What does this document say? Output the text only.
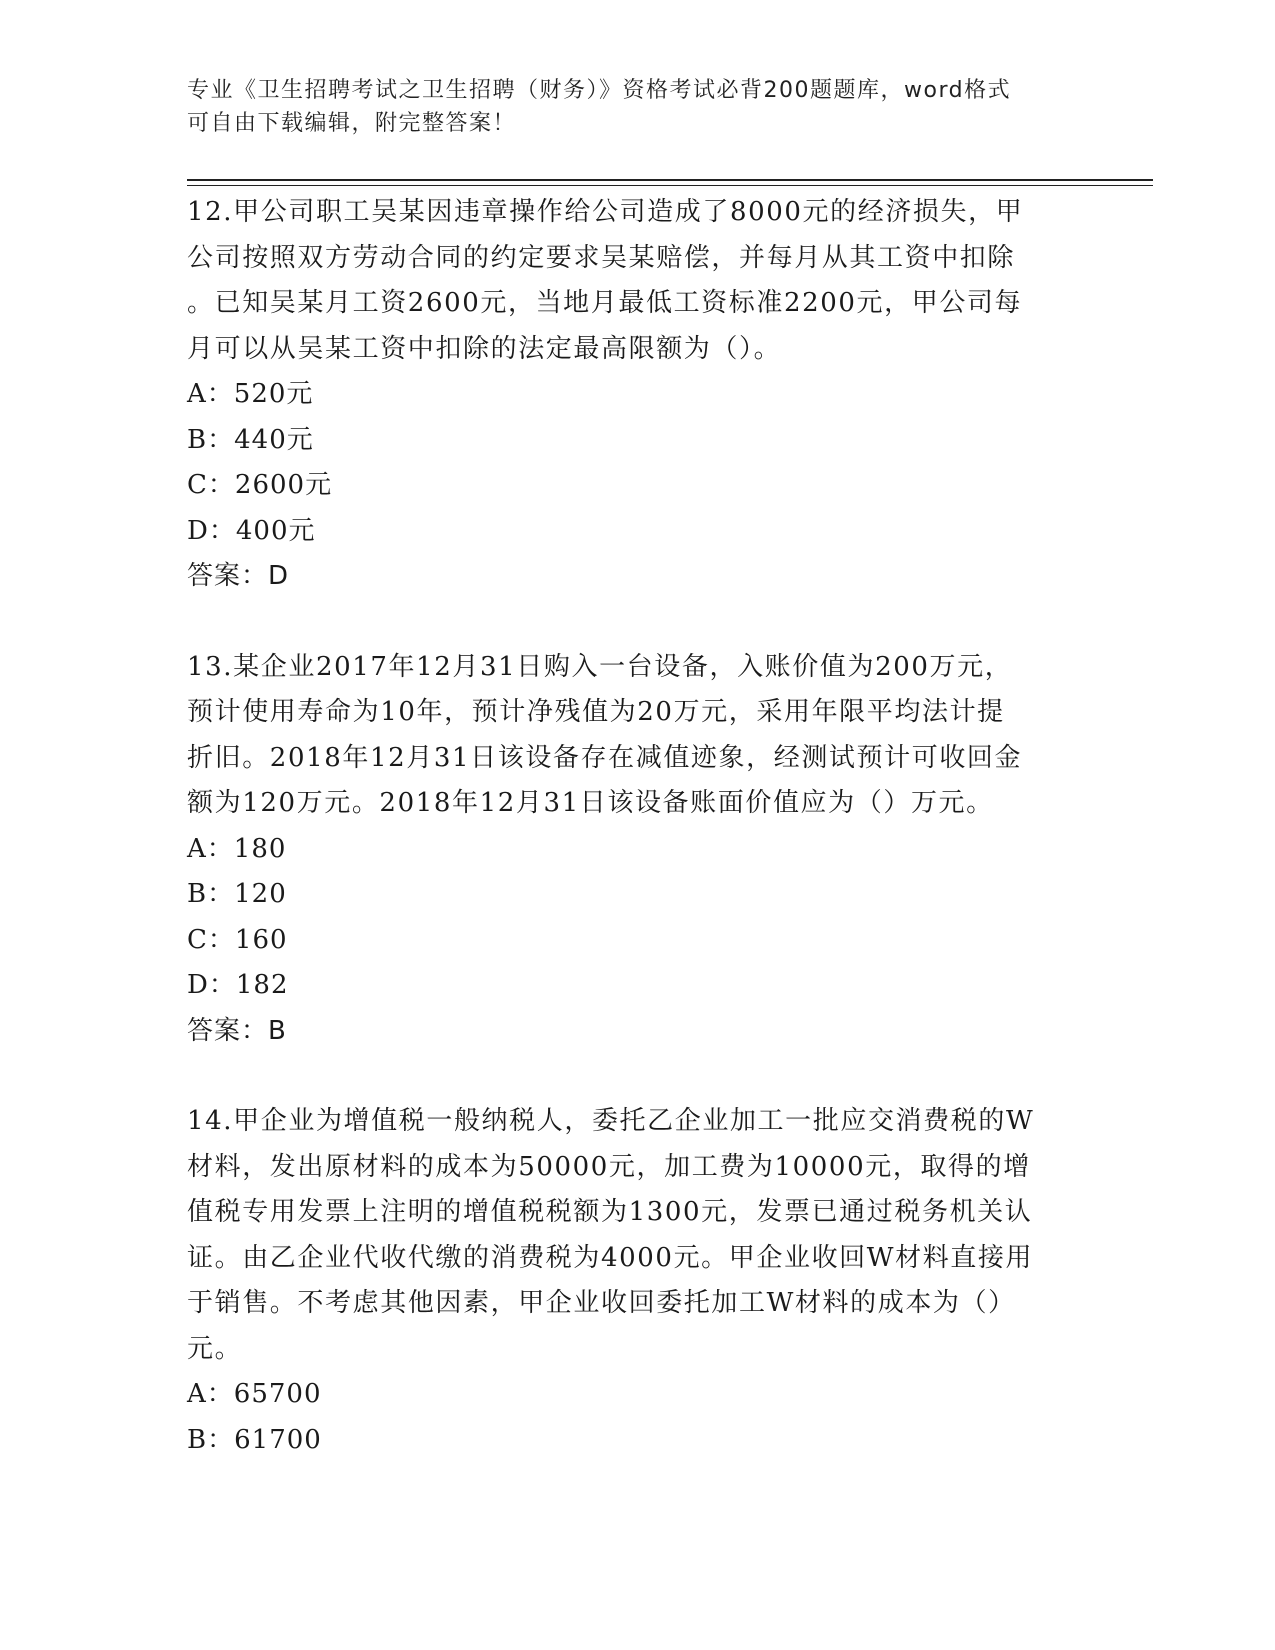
专业《卫生招聘考试之卫生招聘（财务）》资格考试必背200题题库，word格式
可自由下载编辑，附完整答案！

12.甲公司职工吴某因违章操作给公司造成了8000元的经济损失，甲
公司按照双方劳动合同的约定要求吴某赔偿，并每月从其工资中扣除
。已知吴某月工资2600元，当地月最低工资标准2200元，甲公司每
月可以从吴某工资中扣除的法定最高限额为（）。

A：520元

B：440元

C：2600元

D：400元

答案：D

13.某企业2017年12月31日购入一台设备，入账价值为200万元，
预计使用寿命为10年，预计净残值为20万元，采用年限平均法计提
折旧。2018年12月31日该设备存在减值迹象，经测试预计可收回金
额为120万元。2018年12月31日该设备账面价值应为（）万元。

A：180

B：120

C：160

D：182

答案：B

14.甲企业为增值税一般纳税人，委托乙企业加工一批应交消费税的W
材料，发出原材料的成本为50000元，加工费为10000元，取得的增
值税专用发票上注明的增值税税额为1300元，发票已通过税务机关认
证。由乙企业代收代缴的消费税为4000元。甲企业收回W材料直接用
于销售。不考虑其他因素，甲企业收回委托加工W材料的成本为（）
元。

A：65700

B：61700
